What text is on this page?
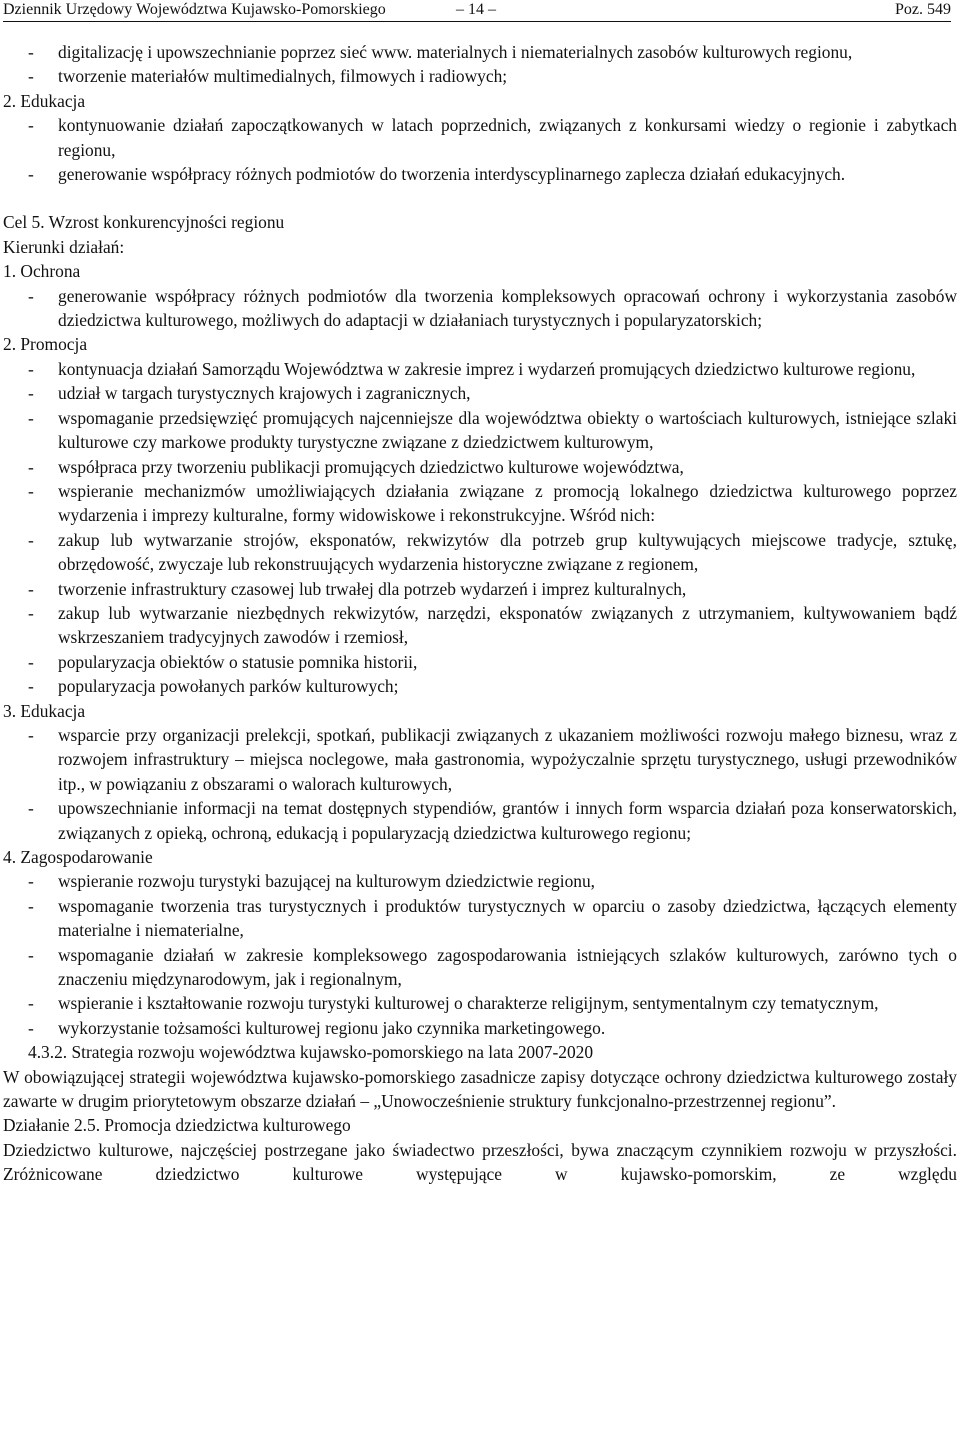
Dziennik Urzędowy Województwa Kujawsko-Pomorskiego	– 14 –	Poz. 549
- digitalizację i upowszechnianie poprzez sieć www. materialnych i niematerialnych zasobów kulturowych regionu,
- tworzenie materiałów multimedialnych, filmowych i radiowych;
2. Edukacja
- kontynuowanie działań zapoczątkowanych w latach poprzednich, związanych z konkursami wiedzy o regionie i zabytkach regionu,
- generowanie współpracy różnych podmiotów do tworzenia interdyscyplinarnego zaplecza działań edukacyjnych.
Cel 5. Wzrost konkurencyjności regionu
Kierunki działań:
1. Ochrona
- generowanie współpracy różnych podmiotów dla tworzenia kompleksowych opracowań ochrony i wykorzystania zasobów dziedzictwa kulturowego, możliwych do adaptacji w działaniach turystycznych i popularyzatorskich;
2. Promocja
- kontynuacja działań Samorządu Województwa w zakresie imprez i wydarzeń promujących dziedzictwo kulturowe regionu,
- udział w targach turystycznych krajowych i zagranicznych,
- wspomaganie przedsięwzięć promujących najcenniejsze dla województwa obiekty o wartościach kulturowych, istniejące szlaki kulturowe czy markowe produkty turystyczne związane z dziedzictwem kulturowym,
- współpraca przy tworzeniu publikacji promujących dziedzictwo kulturowe województwa,
- wspieranie mechanizmów umożliwiających działania związane z promocją lokalnego dziedzictwa kulturowego poprzez wydarzenia i imprezy kulturalne, formy widowiskowe i rekonstrukcyjne. Wśród nich:
- zakup lub wytwarzanie strojów, eksponatów, rekwizytów dla potrzeb grup kultywujących miejscowe tradycje, sztukę, obrzędowość, zwyczaje lub rekonstruujących wydarzenia historyczne związane z regionem,
- tworzenie infrastruktury czasowej lub trwałej dla potrzeb wydarzeń i imprez kulturalnych,
- zakup lub wytwarzanie niezbędnych rekwizytów, narzędzi, eksponatów związanych z utrzymaniem, kultywowaniem bądź wskrzeszaniem tradycyjnych zawodów i rzemiosł,
- popularyzacja obiektów o statusie pomnika historii,
- popularyzacja powołanych parków kulturowych;
3. Edukacja
- wsparcie przy organizacji prelekcji, spotkań, publikacji związanych z ukazaniem możliwości rozwoju małego biznesu, wraz z rozwojem infrastruktury – miejsca noclegowe, mała gastronomia, wypożyczalnie sprzętu turystycznego, usługi przewodników itp., w powiązaniu z obszarami o walorach kulturowych,
- upowszechnianie informacji na temat dostępnych stypendiów, grantów i innych form wsparcia działań poza konserwatorskich, związanych z opieką, ochroną, edukacją i popularyzacją dziedzictwa kulturowego regionu;
4. Zagospodarowanie
- wspieranie rozwoju turystyki bazującej na kulturowym dziedzictwie regionu,
- wspomaganie tworzenia tras turystycznych i produktów turystycznych w oparciu o zasoby dziedzictwa, łączących elementy materialne i niematerialne,
- wspomaganie działań w zakresie kompleksowego zagospodarowania istniejących szlaków kulturowych, zarówno tych o znaczeniu międzynarodowym, jak i regionalnym,
- wspieranie i kształtowanie rozwoju turystyki kulturowej o charakterze religijnym, sentymentalnym czy tematycznym,
- wykorzystanie tożsamości kulturowej regionu jako czynnika marketingowego.
4.3.2. Strategia rozwoju województwa kujawsko-pomorskiego na lata 2007-2020
W obowiązującej strategii województwa kujawsko-pomorskiego zasadnicze zapisy dotyczące ochrony dziedzictwa kulturowego zostały zawarte w drugim priorytetowym obszarze działań – „Unowocześnienie struktury funkcjonalno-przestrzennej regionu”.
Działanie 2.5. Promocja dziedzictwa kulturowego
Dziedzictwo kulturowe, najczęściej postrzegane jako świadectwo przeszłości, bywa znaczącym czynnikiem rozwoju w przyszłości. Zróżnicowane dziedzictwo kulturowe występujące w kujawsko-pomorskim, ze względu
